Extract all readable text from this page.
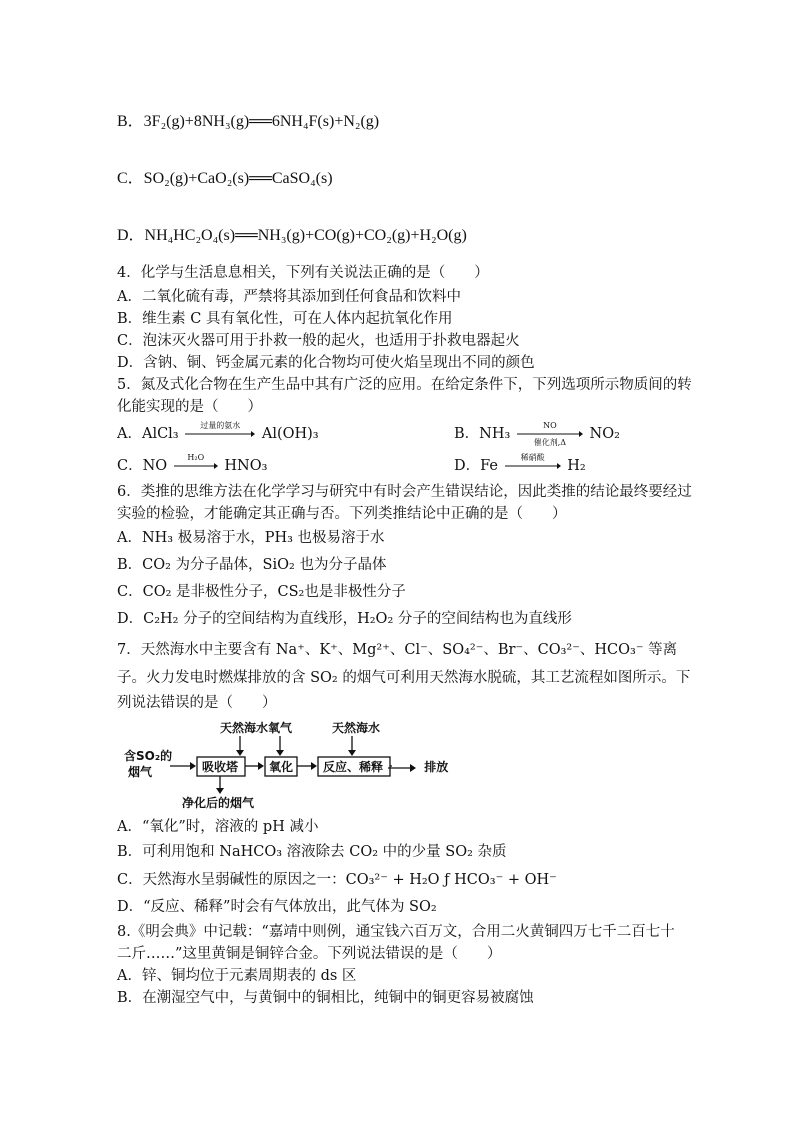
B．3F₂(g)+8NH₃(g)══6NH₄F(s)+N₂(g)
C．SO₂(g)+CaO₂(s)══CaSO₄(s)
D．NH₄HC₂O₄(s)══NH₃(g)+CO(g)+CO₂(g)+H₂O(g)
4．化学与生活息息相关，下列有关说法正确的是（　　）
A．二氧化硫有毒，严禁将其添加到任何食品和饮料中
B．维生素 C 具有氧化性，可在人体内起抗氧化作用
C．泡沫灭火器可用于扑救一般的起火，也适用于扑救电器起火
D．含钠、铜、钙金属元素的化合物均可使火焰呈现出不同的颜色
5．氮及式化合物在生产生品中其有广泛的应用。在给定条件下，下列选项所示物质间的转
化能实现的是（　　）
A．AlCl₃
过量的氨水
Al(OH)₃	B．NH₃
NO
催化剂,Δ
NO₂
C．NO
H₂O
HNO₃	D．Fe
稀硝酸
H₂
6．类推的思维方法在化学学习与研究中有时会产生错误结论，因此类推的结论最终要经过
实验的检验，才能确定其正确与否。下列类推结论中正确的是（　　）
A．NH₃ 极易溶于水，PH₃ 也极易溶于水
B．CO₂ 为分子晶体，SiO₂ 也为分子晶体
C．CO₂ 是非极性分子，CS₂也是非极性分子
D．C₂H₂ 分子的空间结构为直线形，H₂O₂ 分子的空间结构也为直线形
7．天然海水中主要含有 Na⁺、K⁺、Mg²⁺、Cl⁻、SO₄²⁻、Br⁻、CO₃²⁻、HCO₃⁻ 等离
子。火力发电时燃煤排放的含 SO₂ 的烟气可利用天然海水脱硫，其工艺流程如图所示。下
列说法错误的是（　　）
天然海水 氧气	天然海水
含SO₂的
烟气	吸收塔	氧化 反应、稀释
净化后的烟气
排放
A．“氧化”时，溶液的 pH 减小
B．可利用饱和 NaHCO₃ 溶液除去 CO₂ 中的少量 SO₂ 杂质
C．天然海水呈弱碱性的原因之一：CO₃²⁻ + H₂O ƒ HCO₃⁻ + OH⁻
D．“反应、稀释”时会有气体放出，此气体为 SO₂
8.《明会典》中记载：“嘉靖中则例，通宝钱六百万文，合用二火黄铜四万七千二百七十
二斤……”这里黄铜是铜锌合金。下列说法错误的是（　　）
A．锌、铜均位于元素周期表的 ds 区
B．在潮湿空气中，与黄铜中的铜相比，纯铜中的铜更容易被腐蚀
